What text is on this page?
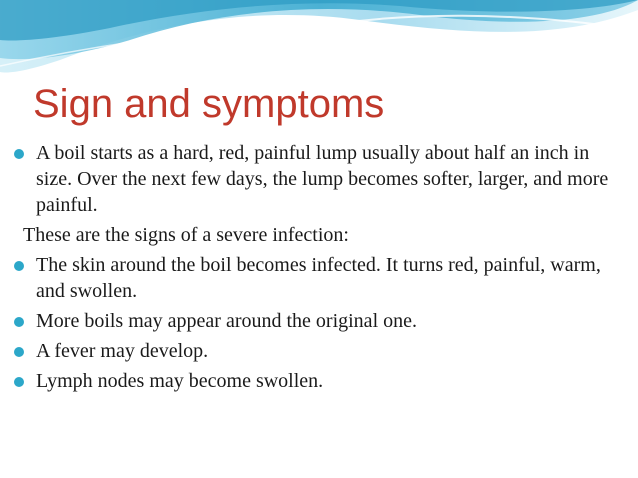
Sign and symptoms
A boil starts as a hard, red, painful lump usually about half an inch in size. Over the next few days, the lump becomes softer, larger, and more painful.
These are the signs of a severe infection:
The skin around the boil becomes infected. It turns red, painful, warm, and swollen.
More boils may appear around the original one.
A fever may develop.
Lymph nodes may become swollen.
